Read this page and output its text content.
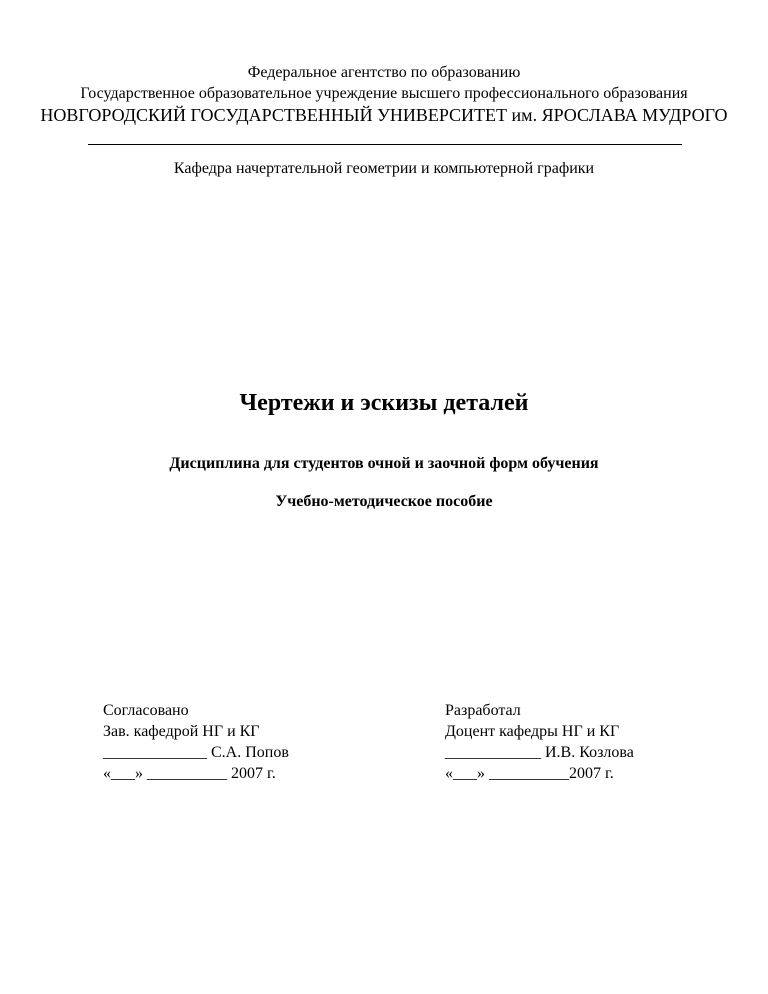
Федеральное агентство по образованию
Государственное образовательное учреждение высшего профессионального образования
НОВГОРОДСКИЙ ГОСУДАРСТВЕННЫЙ УНИВЕРСИТЕТ им. ЯРОСЛАВА МУДРОГО
Кафедра начертательной геометрии и компьютерной графики
Чертежи и эскизы деталей
Дисциплина для студентов очной и заочной форм обучения
Учебно-методическое пособие
Согласовано
Зав. кафедрой НГ и КГ
_____________ С.А. Попов
«___» __________ 2007 г.
Разработал
Доцент кафедры НГ и КГ
____________ И.В. Козлова
«___» __________2007 г.
